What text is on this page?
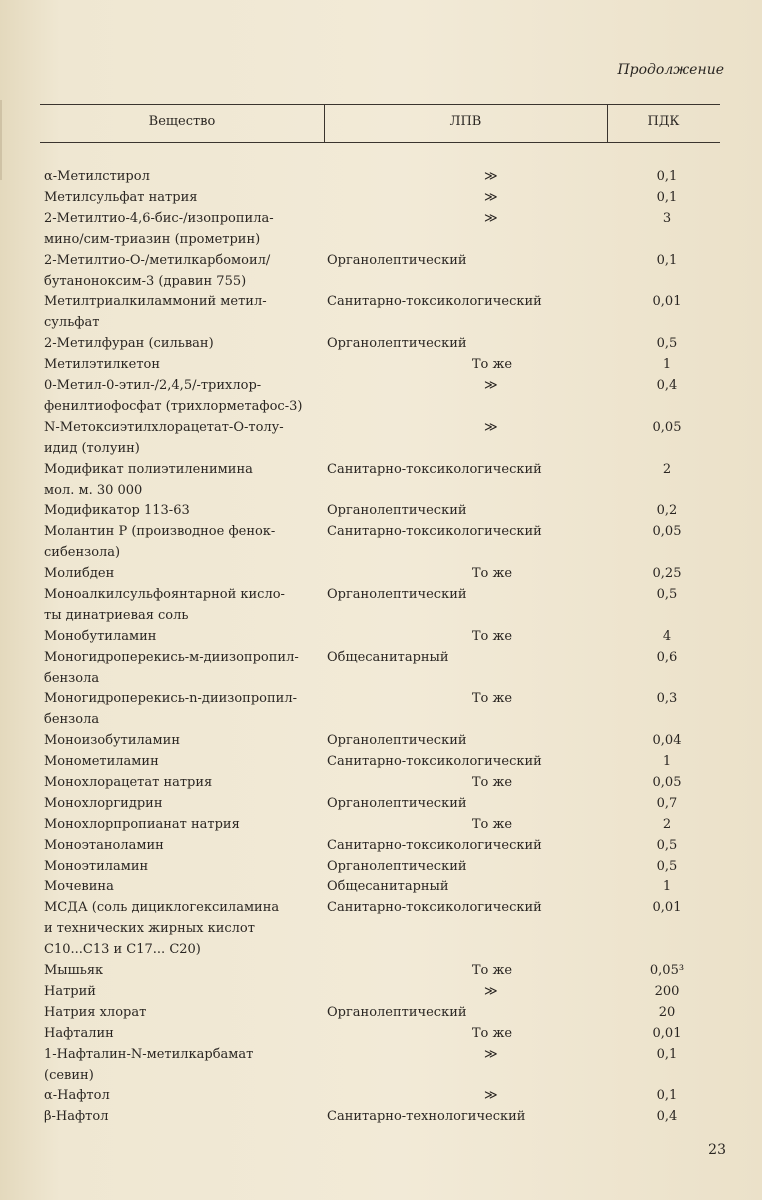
Продолжение
Вещество	ЛПВ	ПДК
α-Метилстирол	≫	0,1
Метилсульфат натрия	≫	0,1
2-Метилтио-4,6-бис-/изопропила-
мино/сим-триазин (прометрин)
≫	3
2-Метилтио-О-/метилкарбомоил/
бутаноноксим-3 (дравин 755)
Органолептический	0,1
Метилтриалкиламмоний метил-
сульфат
Санитарно-токсикологический	0,01
2-Метилфуран (сильван)	Органолептический	0,5
Метилэтилкетон	То же	1
0-Метил-0-этил-/2,4,5/-трихлор-
фенилтиофосфат (трихлорметафос-3)
≫	0,4
N-Метоксиэтилхлорацетат-О-толу-
идид (толуин)
≫	0,05
Модификат полиэтиленимина
мол. м. 30 000
Санитарно-токсикологический	2
Модификатор 113-63	Органолептический	0,2
Молантин Р (производное фенок-
сибензола)
Санитарно-токсикологический	0,05
Молибден	То же	0,25
Моноалкилсульфоянтарной кисло-
ты динатриевая соль
Органолептический	0,5
Монобутиламин	То же	4
Моногидроперекись-м-диизопропил-
бензола
Общесанитарный	0,6
Моногидроперекись-n-диизопропил-
бензола
То же	0,3
Моноизобутиламин	Органолептический	0,04
Монометиламин	Санитарно-токсикологический	1
Монохлорацетат натрия	То же	0,05
Монохлоргидрин	Органолептический	0,7
Монохлорпропианат натрия	То же	2
Моноэтаноламин	Санитарно-токсикологический	0,5
Моноэтиламин	Органолептический	0,5
Мочевина	Общесанитарный	1
МСДА (соль дициклогексиламина
и технических жирных кислот
C10...C13 и C17... C20)
Санитарно-токсикологический	0,01
Мышьяк	То же	0,05³
Натрий	≫	200
Натрия хлорат	Органолептический	20
Нафталин	То же	0,01
1-Нафталин-N-метилкарбамат
(севин)
≫	0,1
α-Нафтол	≫	0,1
β-Нафтол	Санитарно-технологический	0,4
23
